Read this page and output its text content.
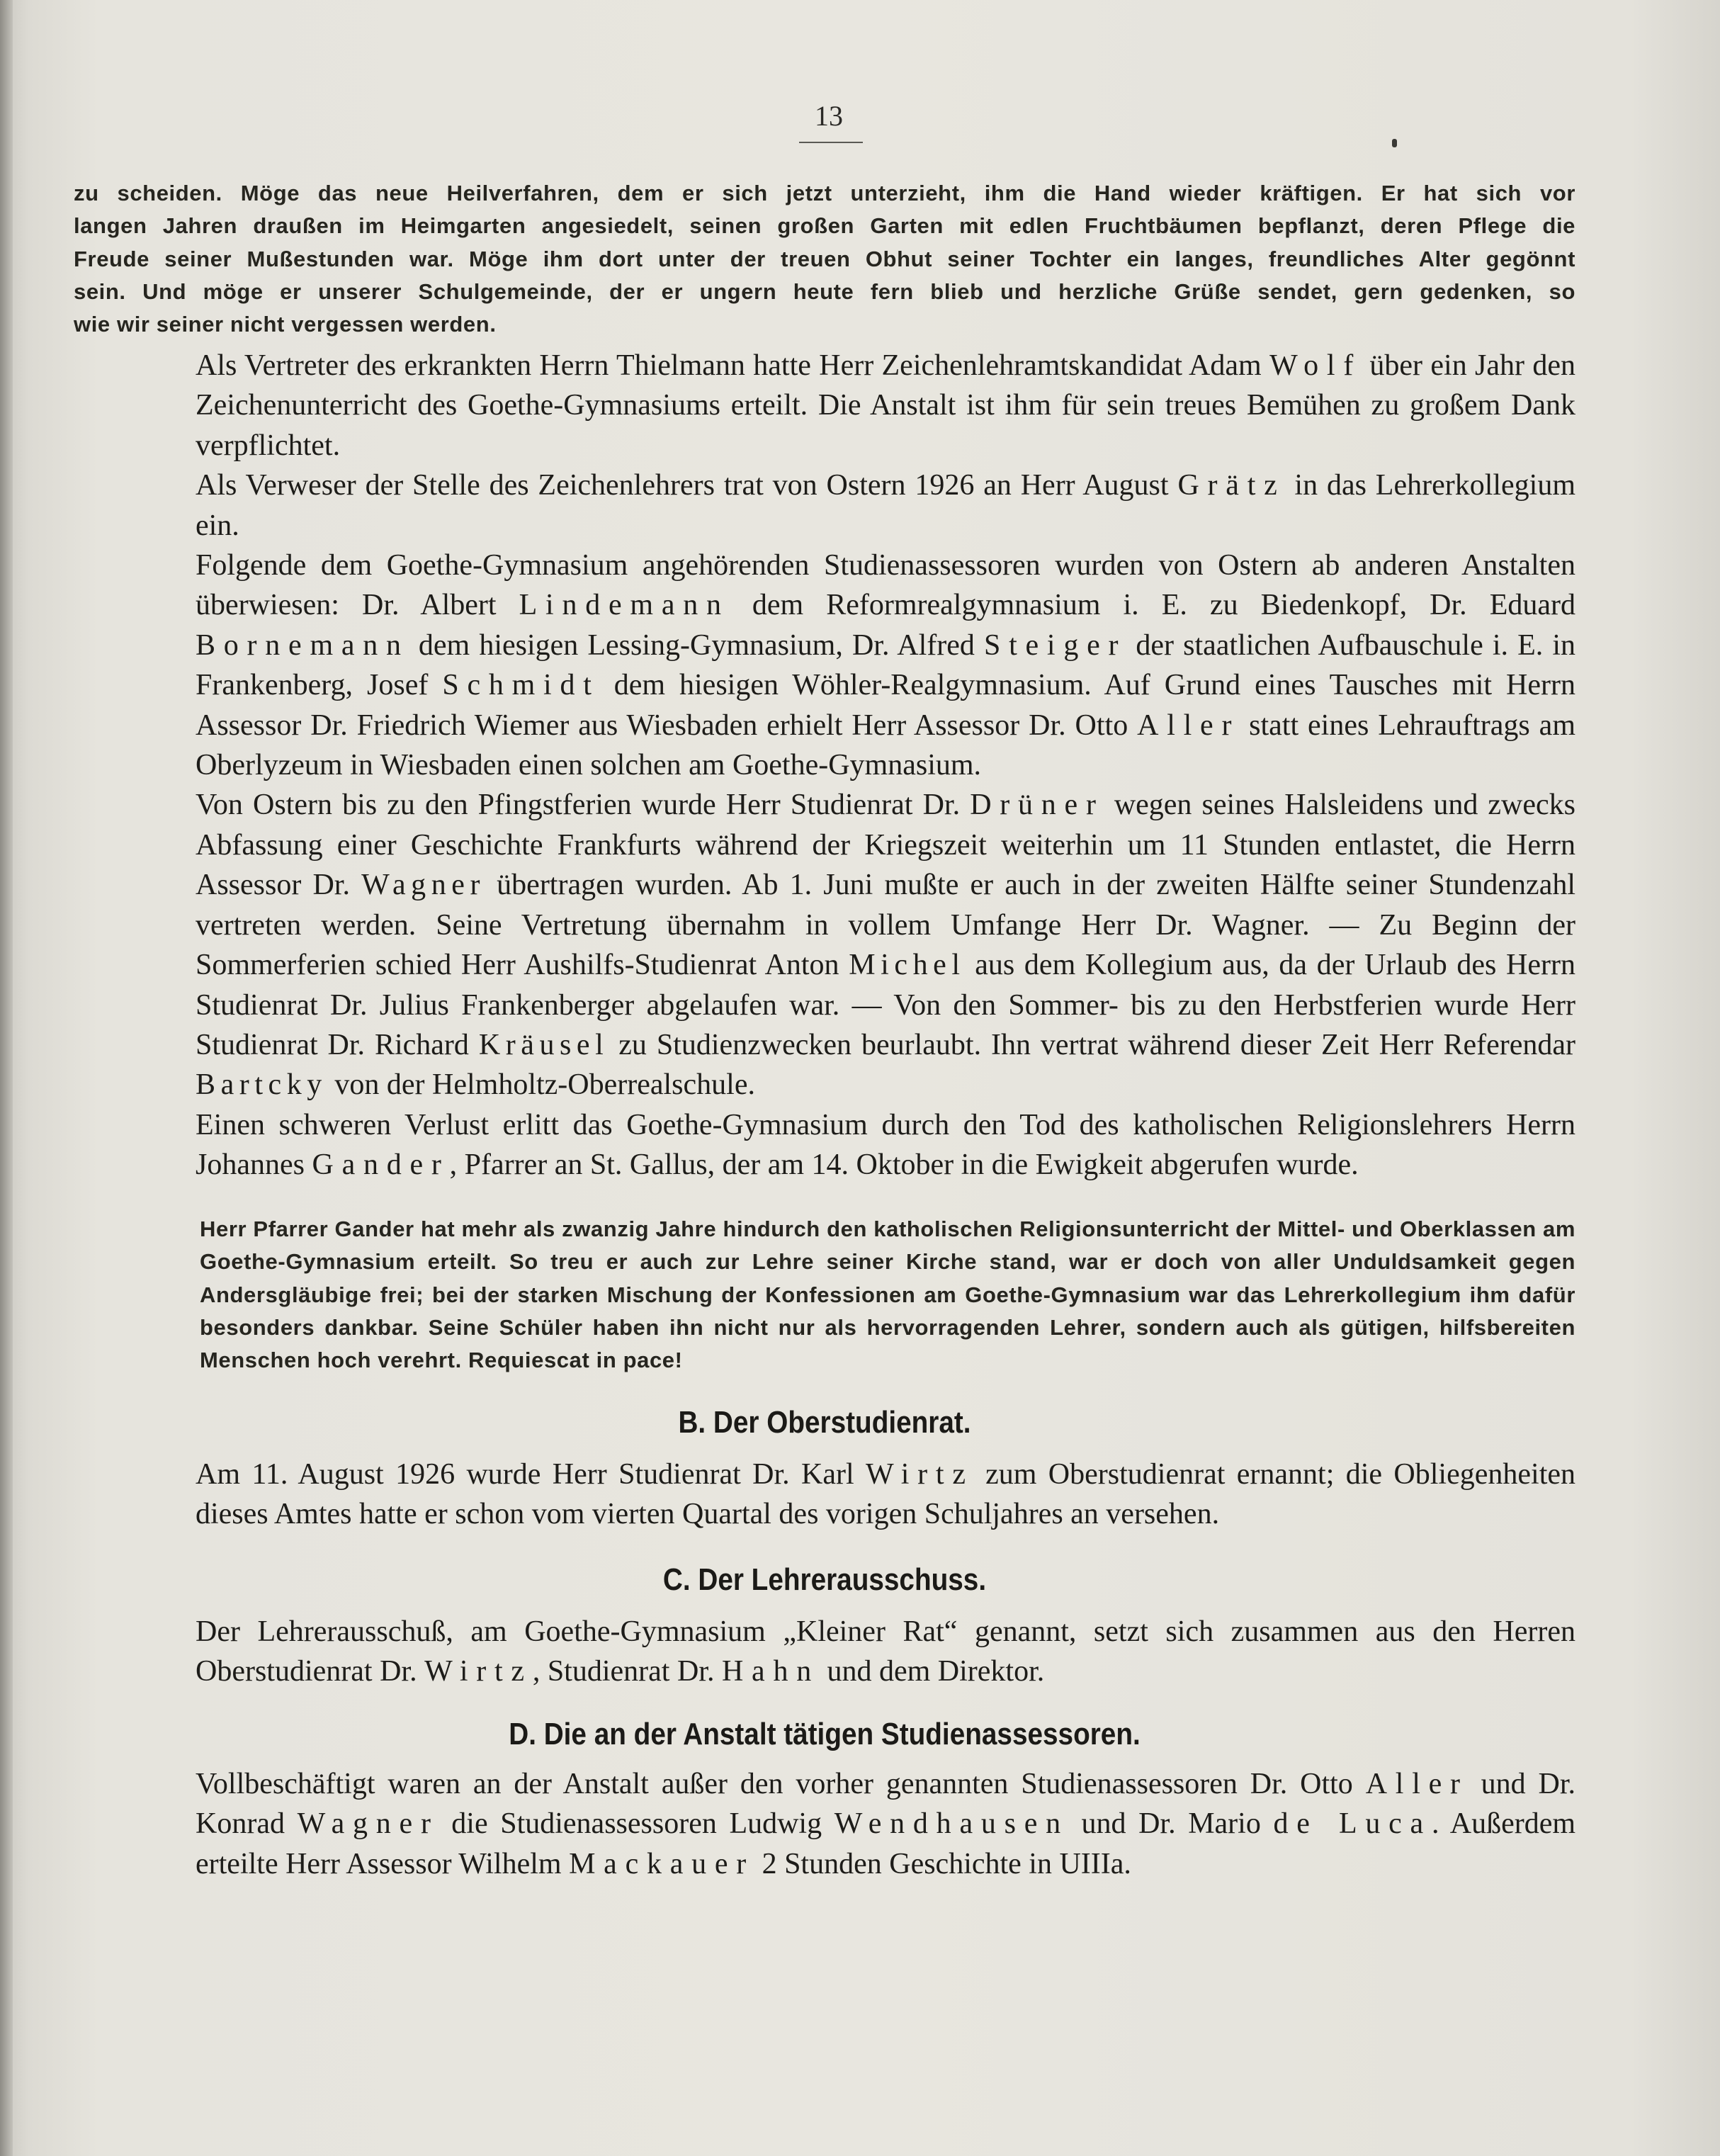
13

zu scheiden. Möge das neue Heilverfahren, dem er sich jetzt unterzieht, ihm die Hand wieder kräftigen. Er hat sich vor

langen Jahren draußen im Heimgarten angesiedelt, seinen großen Garten mit edlen Fruchtbäumen bepflanzt, deren Pflege die

Freude seiner Mußestunden war. Möge ihm dort unter der treuen Obhut seiner Tochter ein langes, freundliches Alter gegönnt

sein. Und möge er unserer Schulgemeinde, der er ungern heute fern blieb und herzliche Grüße sendet, gern gedenken, so

wie wir seiner nicht vergessen werden.

Als Vertreter des erkrankten Herrn Thielmann hatte Herr Zeichenlehramtskandidat Adam Wolf über ein Jahr den Zeichenunterricht des Goethe-Gymnasiums erteilt. Die Anstalt ist ihm für sein treues Bemühen zu großem Dank verpflichtet.

Als Verweser der Stelle des Zeichenlehrers trat von Ostern 1926 an Herr August Grätz in das Lehrerkollegium ein.

Folgende dem Goethe-Gymnasium angehörenden Studienassessoren wurden von Ostern ab anderen Anstalten überwiesen: Dr. Albert Lindemann dem Reformrealgymnasium i. E. zu Biedenkopf, Dr. Eduard Bornemann dem hiesigen Lessing-Gymnasium, Dr. Alfred Steiger der staatlichen Aufbauschule i. E. in Frankenberg, Josef Schmidt dem hiesigen Wöhler-Realgymnasium. Auf Grund eines Tausches mit Herrn Assessor Dr. Friedrich Wiemer aus Wiesbaden erhielt Herr Assessor Dr. Otto Aller statt eines Lehrauftrags am Oberlyzeum in Wiesbaden einen solchen am Goethe-Gymnasium.

Von Ostern bis zu den Pfingstferien wurde Herr Studienrat Dr. Drüner wegen seines Halsleidens und zwecks Abfassung einer Geschichte Frankfurts während der Kriegszeit weiterhin um 11 Stunden entlastet, die Herrn Assessor Dr. Wagner übertragen wurden. Ab 1. Juni mußte er auch in der zweiten Hälfte seiner Stundenzahl vertreten werden. Seine Vertretung übernahm in vollem Umfange Herr Dr. Wagner. — Zu Beginn der Sommerferien schied Herr Aushilfs-Studienrat Anton Michel aus dem Kollegium aus, da der Urlaub des Herrn Studienrat Dr. Julius Frankenberger abgelaufen war. — Von den Sommer- bis zu den Herbstferien wurde Herr Studienrat Dr. Richard Kräusel zu Studienzwecken beurlaubt. Ihn vertrat während dieser Zeit Herr Referendar Bartcky von der Helmholtz-Oberrealschule.

Einen schweren Verlust erlitt das Goethe-Gymnasium durch den Tod des katholischen Religionslehrers Herrn Johannes Gander, Pfarrer an St. Gallus, der am 14. Oktober in die Ewigkeit abgerufen wurde.

Herr Pfarrer Gander hat mehr als zwanzig Jahre hindurch den katholischen Religionsunterricht der Mittel- und Oberklassen am Goethe-Gymnasium erteilt. So treu er auch zur Lehre seiner Kirche stand, war er doch von aller Unduldsamkeit gegen Andersgläubige frei; bei der starken Mischung der Konfessionen am Goethe-Gymnasium war das Lehrerkollegium ihm dafür besonders dankbar. Seine Schüler haben ihn nicht nur als hervorragenden Lehrer, sondern auch als gütigen, hilfsbereiten Menschen hoch verehrt. Requiescat in pace!

B. Der Oberstudienrat.

Am 11. August 1926 wurde Herr Studienrat Dr. Karl Wirtz zum Oberstudienrat ernannt; die Obliegenheiten dieses Amtes hatte er schon vom vierten Quartal des vorigen Schuljahres an versehen.

C. Der Lehrerausschuss.

Der Lehrerausschuß, am Goethe-Gymnasium „Kleiner Rat“ genannt, setzt sich zusammen aus den Herren Oberstudienrat Dr. Wirtz, Studienrat Dr. Hahn und dem Direktor.

D. Die an der Anstalt tätigen Studienassessoren.

Vollbeschäftigt waren an der Anstalt außer den vorher genannten Studienassessoren Dr. Otto Aller und Dr. Konrad Wagner die Studienassessoren Ludwig Wendhausen und Dr. Mario de Luca. Außerdem erteilte Herr Assessor Wilhelm Mackauer 2 Stunden Geschichte in UIIIa.
